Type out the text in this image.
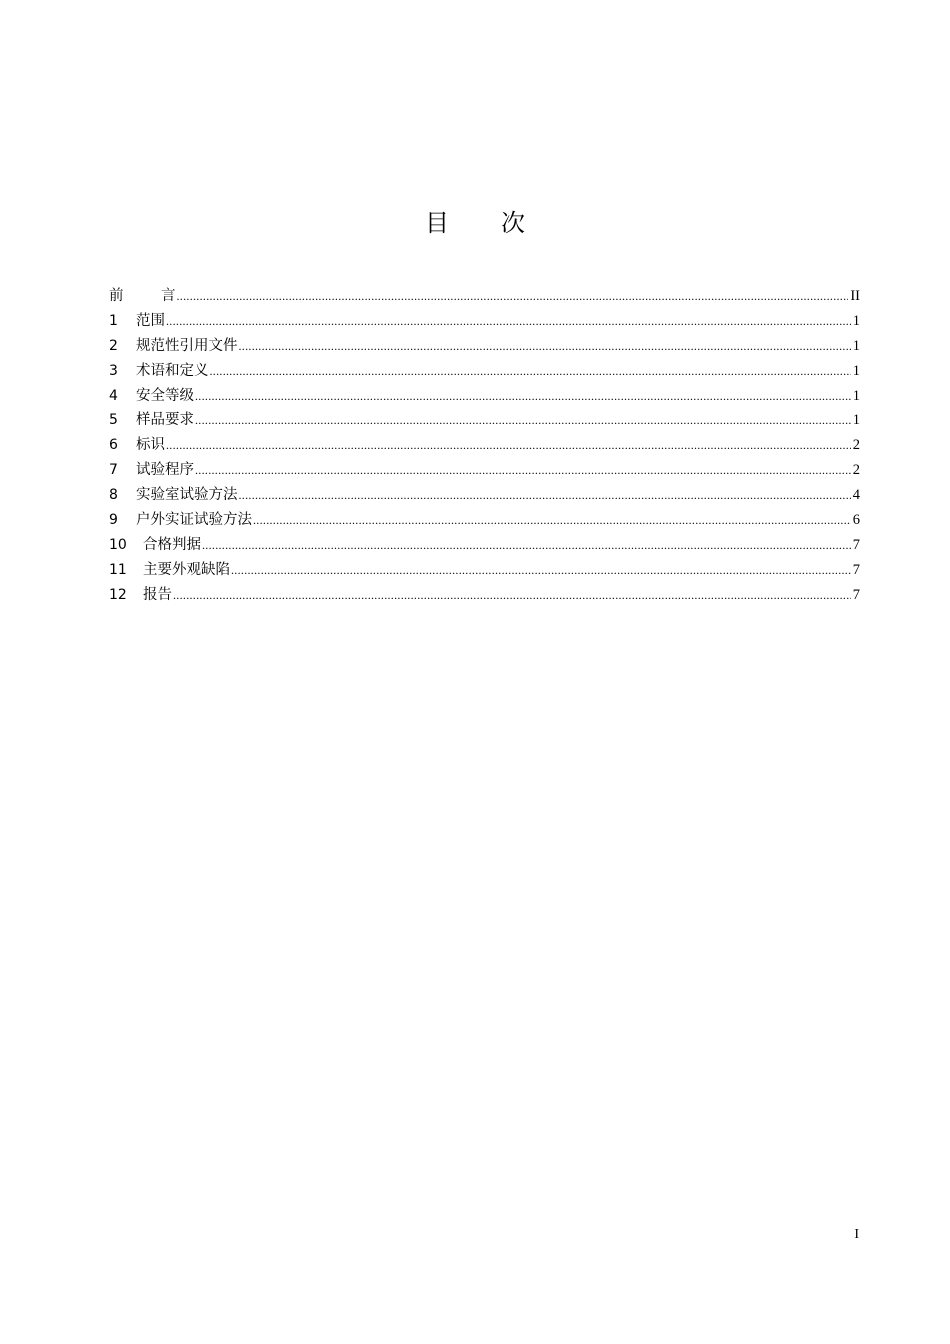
目 次
前	言 .....	II
1	范围 .....	1
2	规范性引用文件 .....	1
3	术语和定义 .....	1
4	安全等级 .....	1
5	样品要求 .....	1
6	标识 .....	2
7	试验程序 .....	2
8	实验室试验方法 .....	4
9	户外实证试验方法 .....	6
10	合格判据 .....	7
11	主要外观缺陷 .....	7
12	报告 .....	7
I
